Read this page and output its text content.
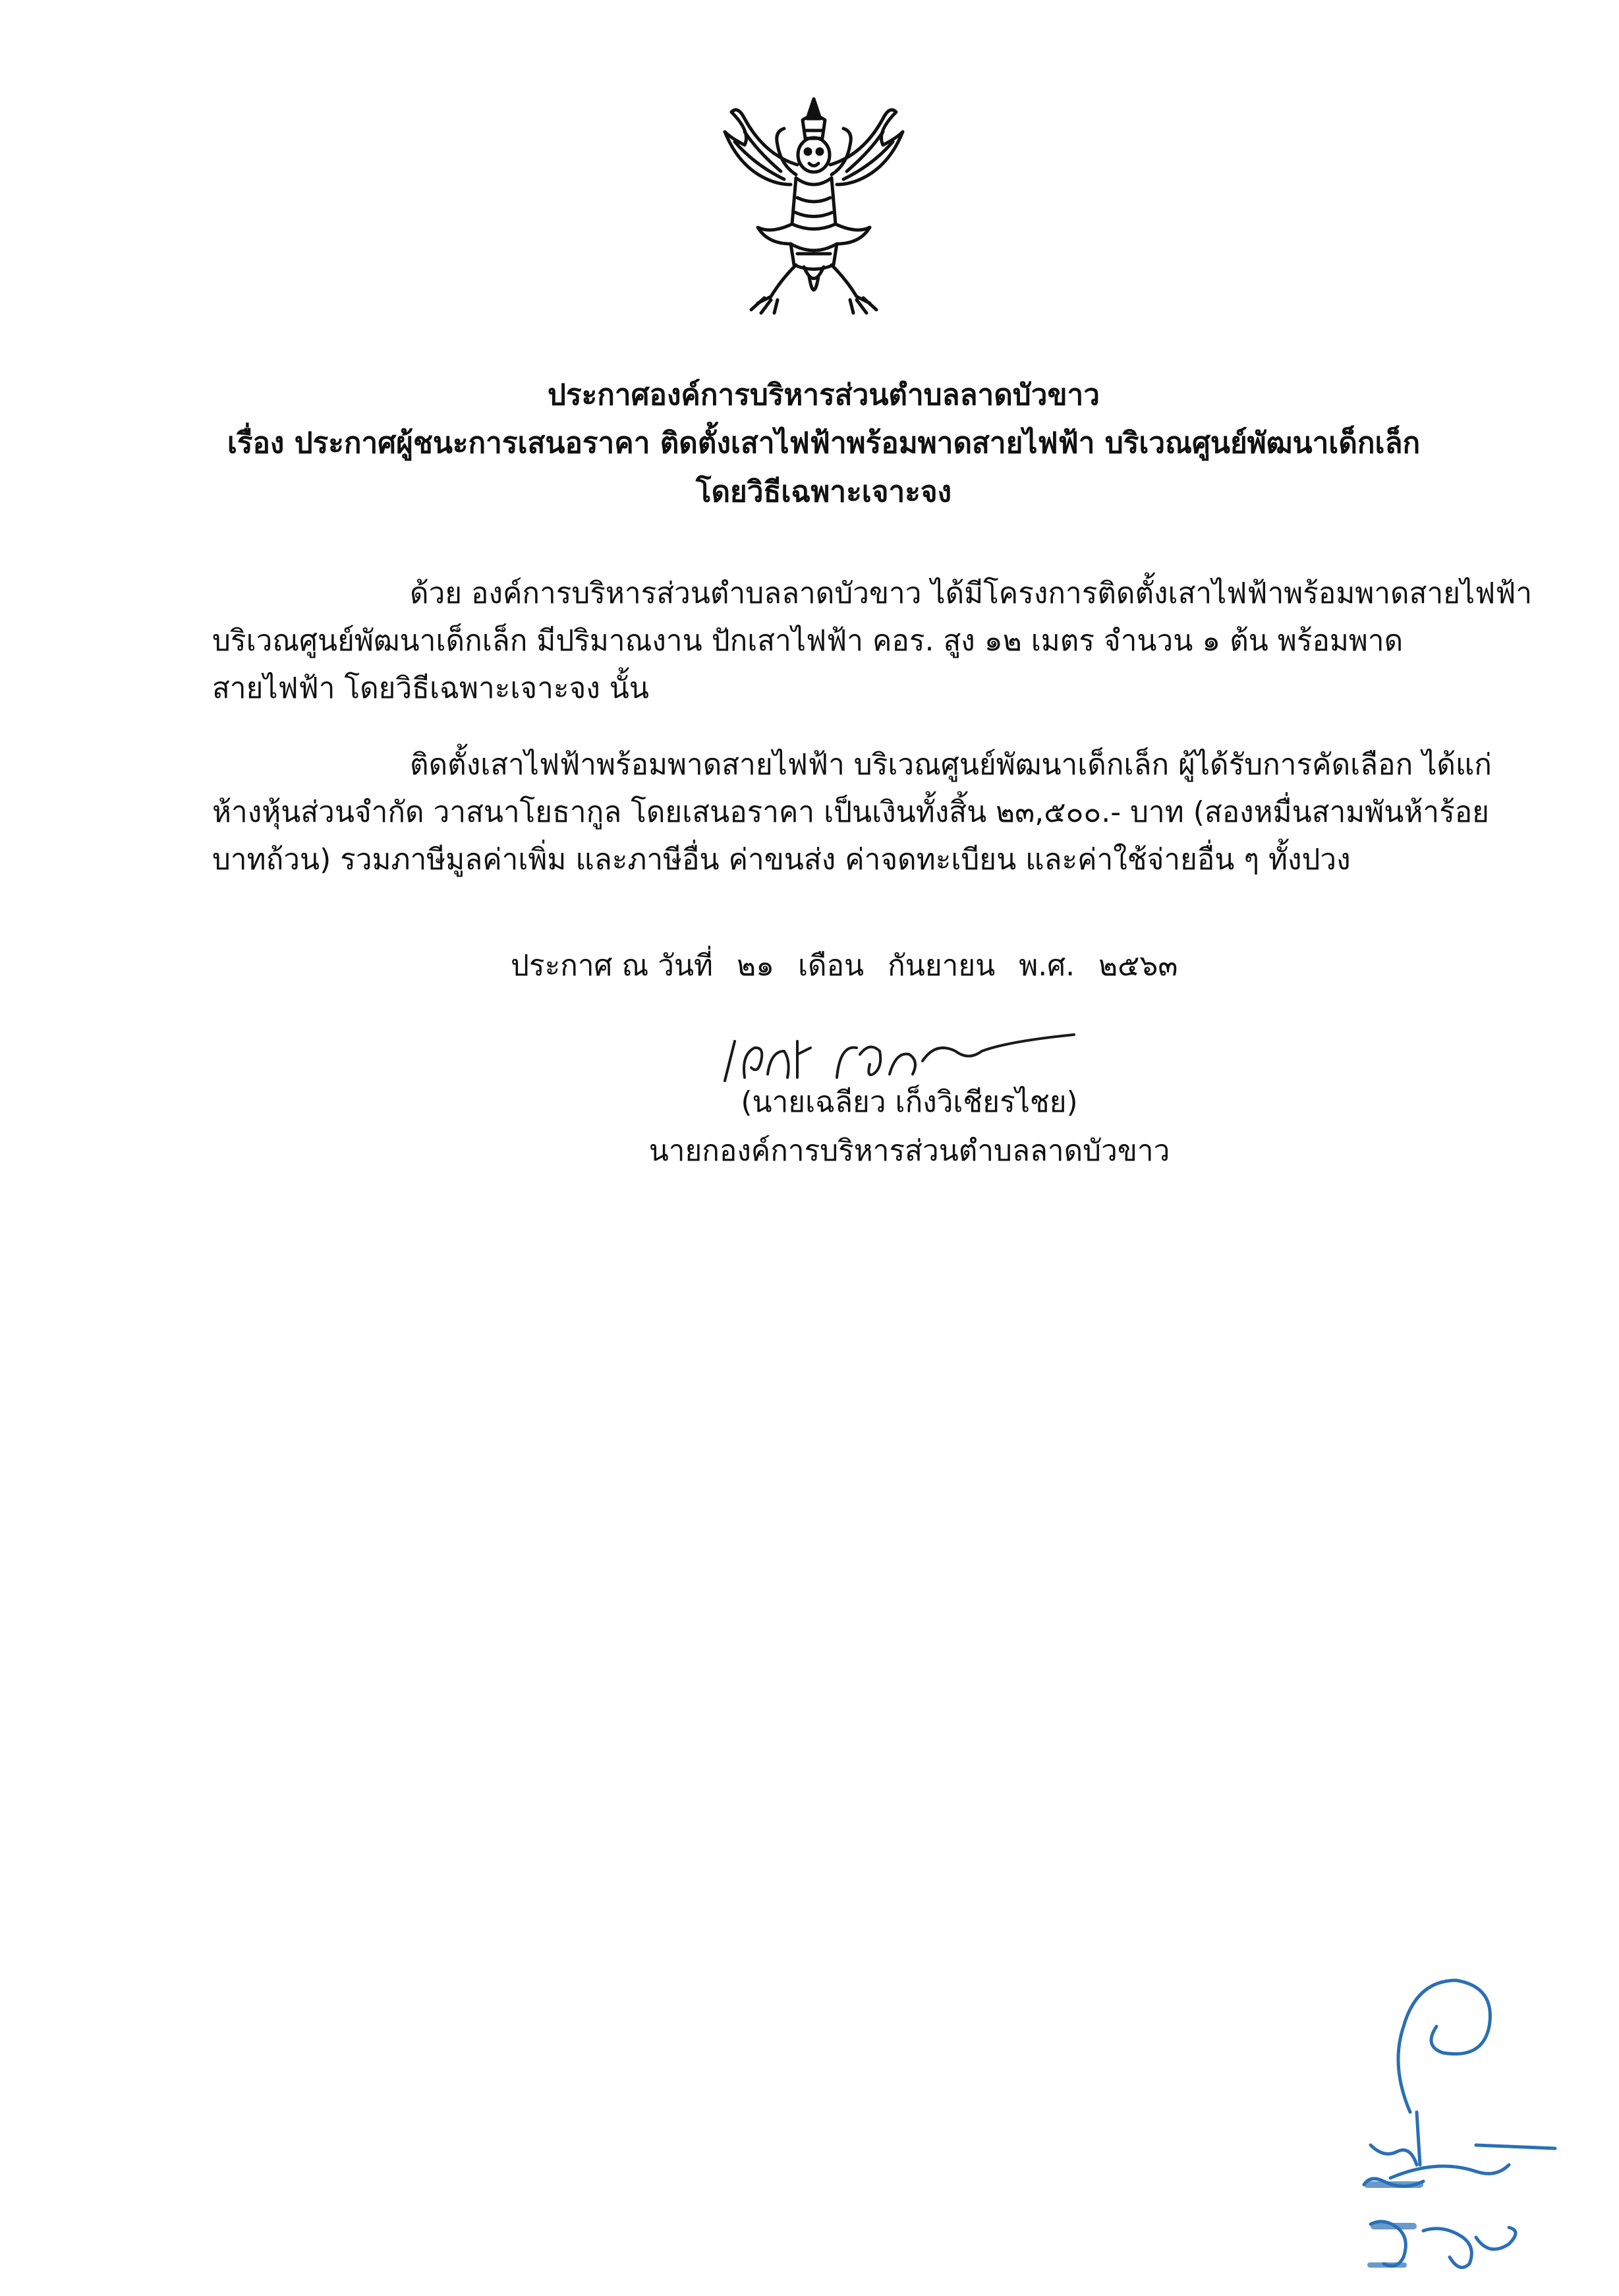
ประกาศองค์การบริหารส่วนตำบลลาดบัวขาว
เรื่อง ประกาศผู้ชนะการเสนอราคา ติดตั้งเสาไฟฟ้าพร้อมพาดสายไฟฟ้า บริเวณศูนย์พัฒนาเด็กเล็ก
โดยวิธีเฉพาะเจาะจง
ด้วย องค์การบริหารส่วนตำบลลาดบัวขาว ได้มีโครงการติดตั้งเสาไฟฟ้าพร้อมพาดสายไฟฟ้า
บริเวณศูนย์พัฒนาเด็กเล็ก มีปริมาณงาน ปักเสาไฟฟ้า คอร. สูง ๑๒ เมตร จำนวน ๑ ต้น พร้อมพาด
สายไฟฟ้า โดยวิธีเฉพาะเจาะจง นั้น
ติดตั้งเสาไฟฟ้าพร้อมพาดสายไฟฟ้า บริเวณศูนย์พัฒนาเด็กเล็ก ผู้ได้รับการคัดเลือก ได้แก่
ห้างหุ้นส่วนจำกัด วาสนาโยธากูล โดยเสนอราคา เป็นเงินทั้งสิ้น ๒๓,๕๐๐.- บาท (สองหมื่นสามพันห้าร้อย
บาทถ้วน) รวมภาษีมูลค่าเพิ่ม และภาษีอื่น ค่าขนส่ง ค่าจดทะเบียน และค่าใช้จ่ายอื่น ๆ ทั้งปวง
ประกาศ ณ วันที่ ๒๑ เดือน กันยายน พ.ศ. ๒๕๖๓
(นายเฉลียว เก็งวิเชียรไชย)
นายกองค์การบริหารส่วนตำบลลาดบัวขาว
